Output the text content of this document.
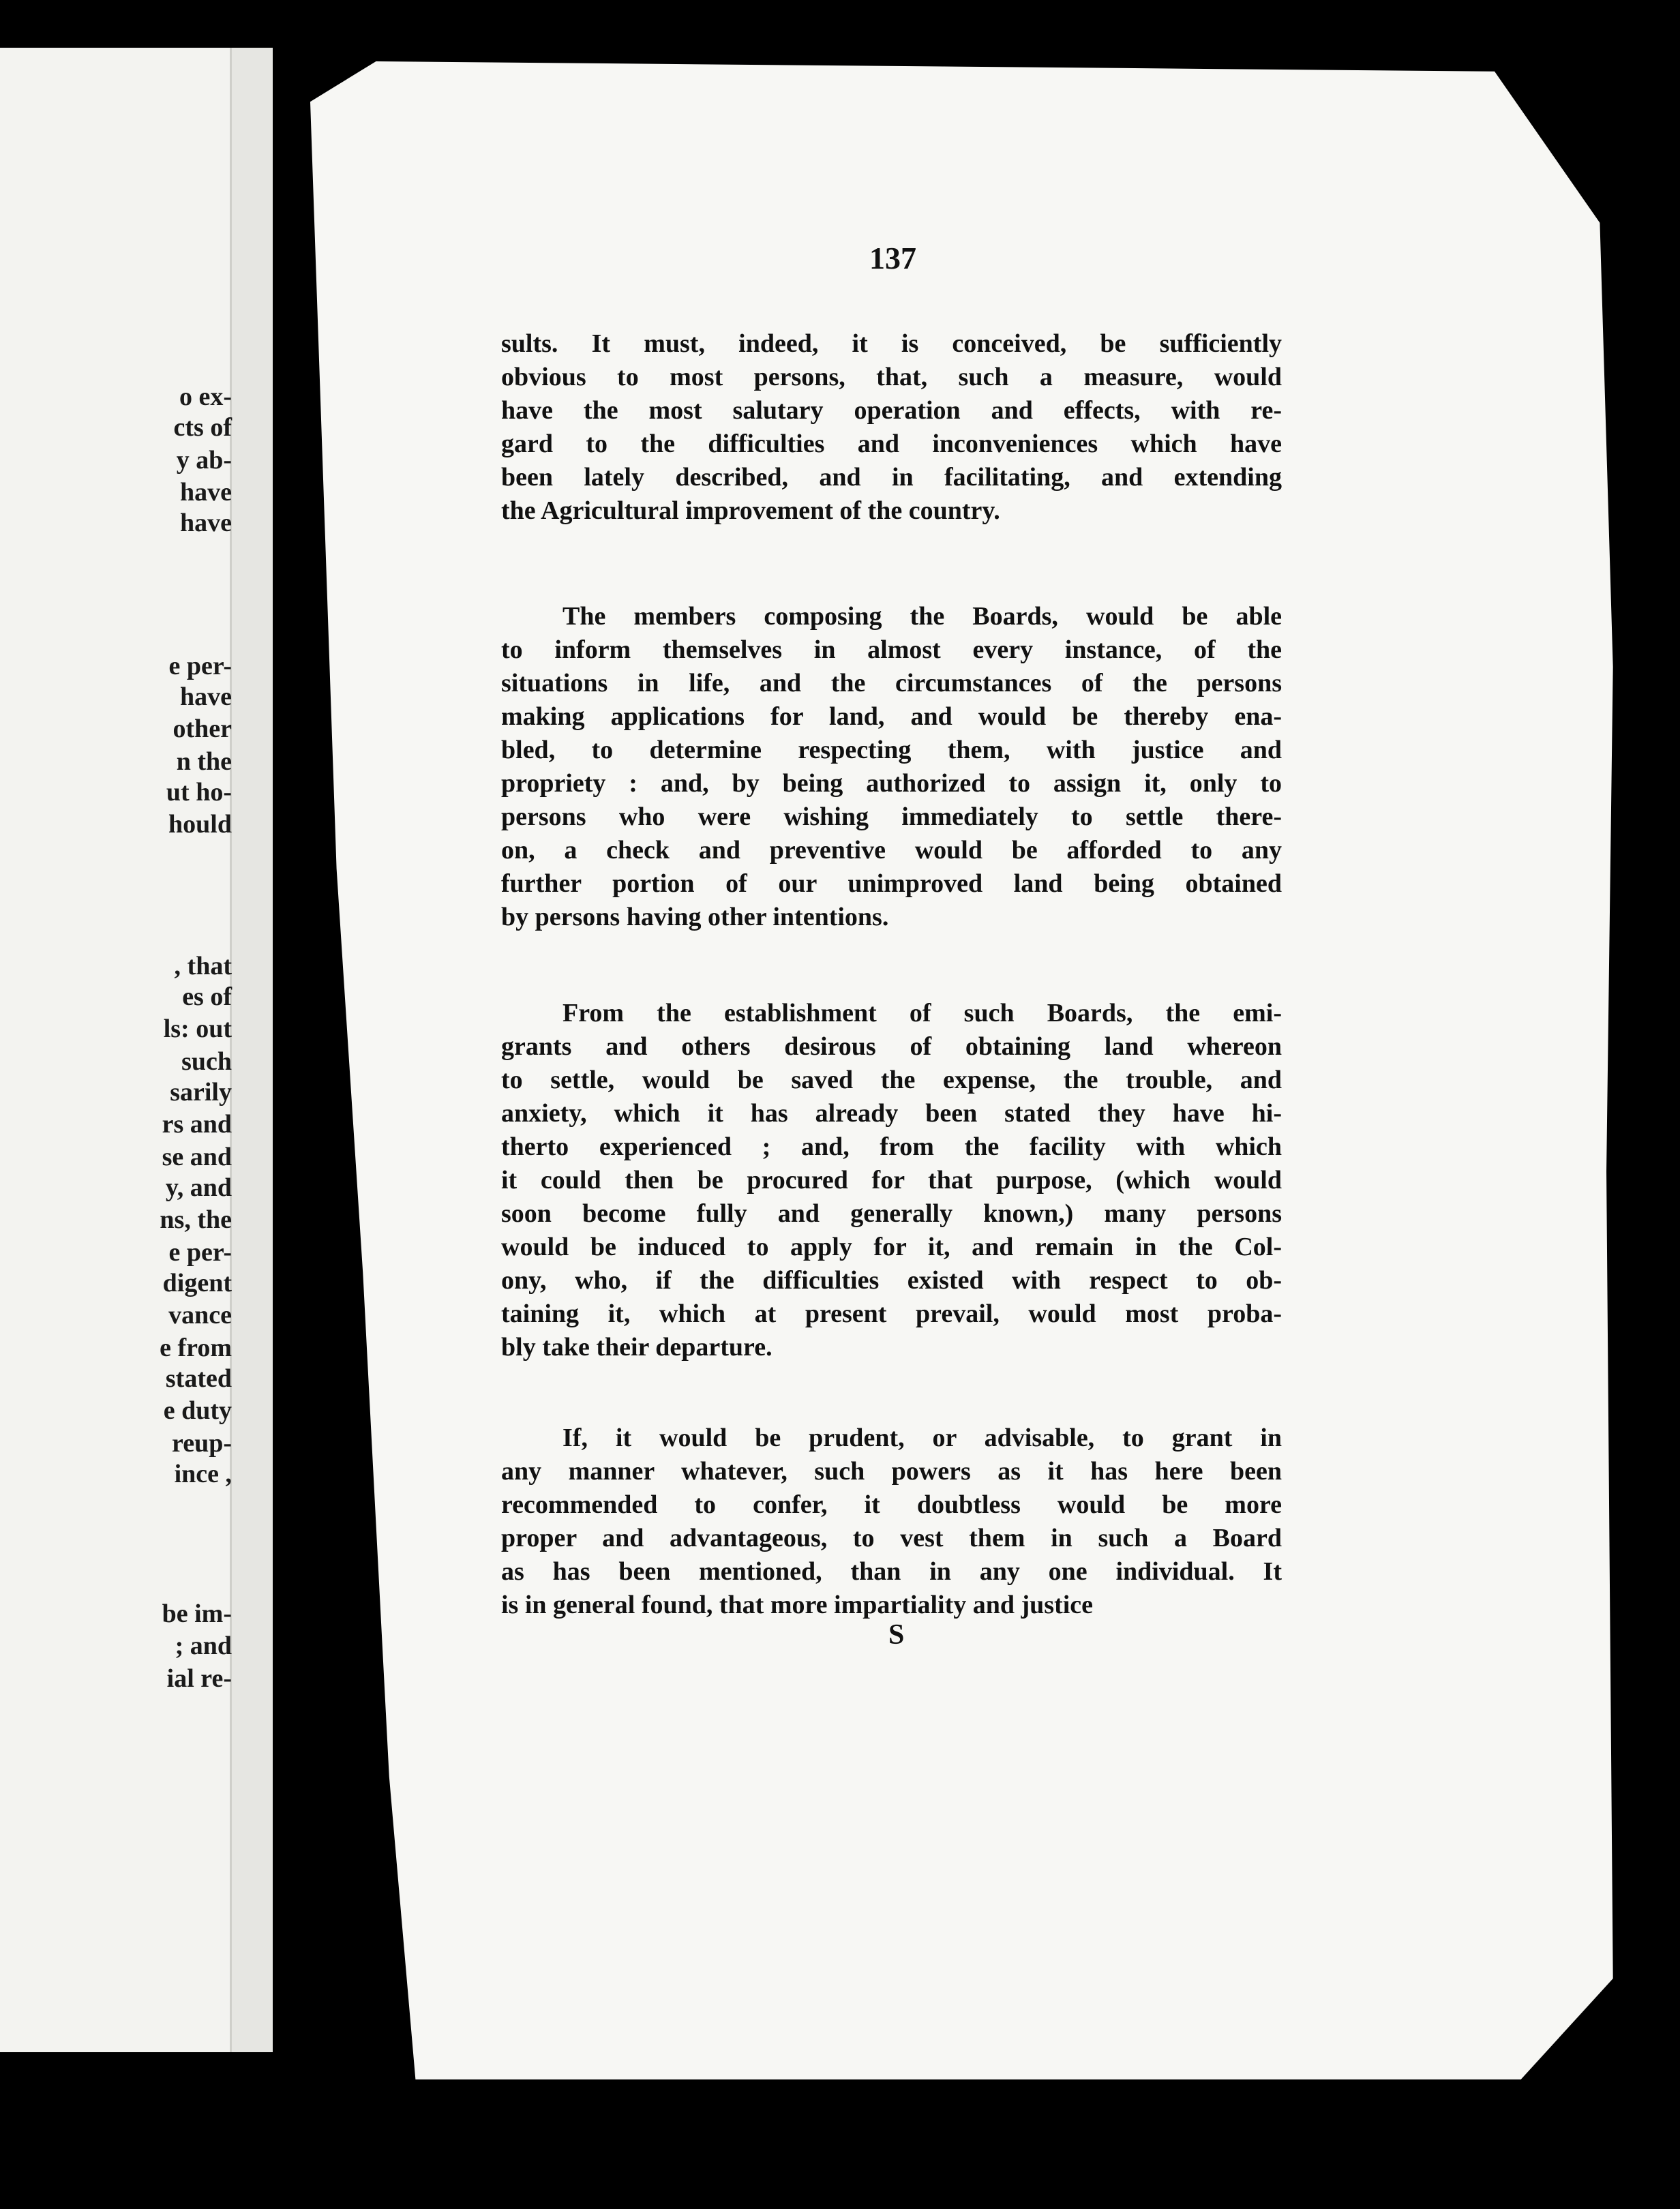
o ex-
cts of
y ab-
have
have
e per-
have
other
n the
ut ho-
hould
, that
es of
ls: out
such
sarily
rs and
se and
y, and
ns, the
e per-
digent
vance
e from
stated
e duty
reup-
ince ,
be im-
; and
ial re-
137
sults. It must, indeed, it is conceived, be sufficiently
obvious to most persons, that, such a measure, would
have the most salutary operation and effects, with re-
gard to the difficulties and inconveniences which have
been lately described, and in facilitating, and extending
the Agricultural improvement of the country.
The members composing the Boards, would be able
to inform themselves in almost every instance, of the
situations in life, and the circumstances of the persons
making applications for land, and would be thereby ena-
bled, to determine respecting them, with justice and
propriety : and, by being authorized to assign it, only to
persons who were wishing immediately to settle there-
on, a check and preventive would be afforded to any
further portion of our unimproved land being obtained
by persons having other intentions.
From the establishment of such Boards, the emi-
grants and others desirous of obtaining land whereon
to settle, would be saved the expense, the trouble, and
anxiety, which it has already been stated they have hi-
therto experienced ; and, from the facility with which
it could then be procured for that purpose, (which would
soon become fully and generally known,) many persons
would be induced to apply for it, and remain in the Col-
ony, who, if the difficulties existed with respect to ob-
taining it, which at present prevail, would most proba-
bly take their departure.
If, it would be prudent, or advisable, to grant in
any manner whatever, such powers as it has here been
recommended to confer, it doubtless would be more
proper and advantageous, to vest them in such a Board
as has been mentioned, than in any one individual. It
is in general found, that more impartiality and justice
S
